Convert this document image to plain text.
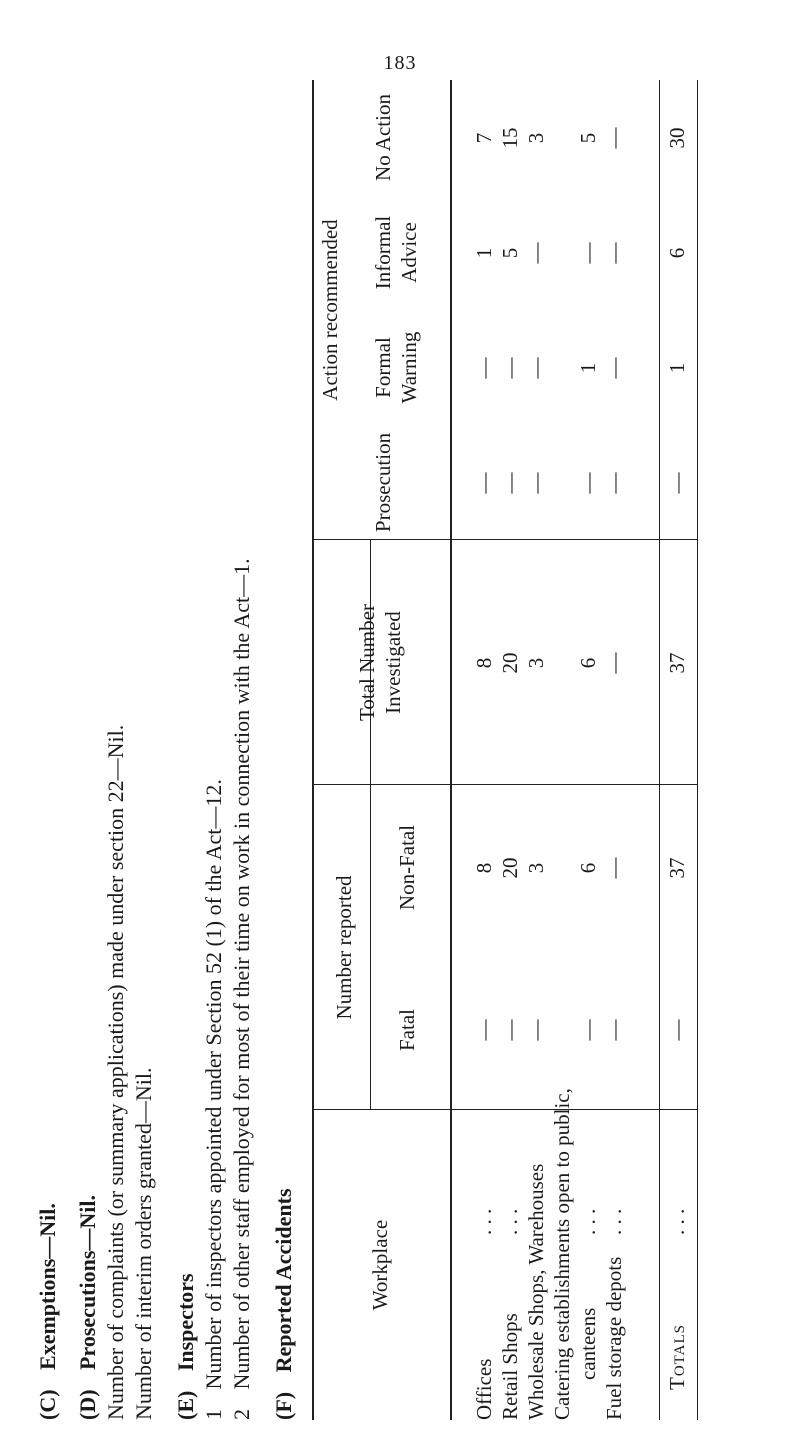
183
(C) Exemptions—Nil.
(D) Prosecutions—Nil. Number of complaints (or summary applications) made under section 22—Nil. Number of interim orders granted—Nil. (E) Inspectors
1 Number of inspectors appointed under Section 52 (1) of the Act—12.
2 Number of other staff employed for most of their time on work in connection with the Act—1.
(F) Reported Accidents	Workplace
Number reported
Fatal
Non-Fatal
Total Number Investigated
Action recommended
Prosecution
Formal Warning
Informal Advice
No Action
Offices
. . .
—
8
8
—
—
1
7
Retail Shops
. . .
—
20
20
—
—
5
15
Wholesale Shops, Warehouses
—
3
3
—
—
—
3
Catering establishments open to public, canteens
. . .
—
6
6
—
1
—
5
Fuel storage depots
. . .
—
—
—
—
—
—
—
Totals
. . .
—
37
37
—
1
6
30
